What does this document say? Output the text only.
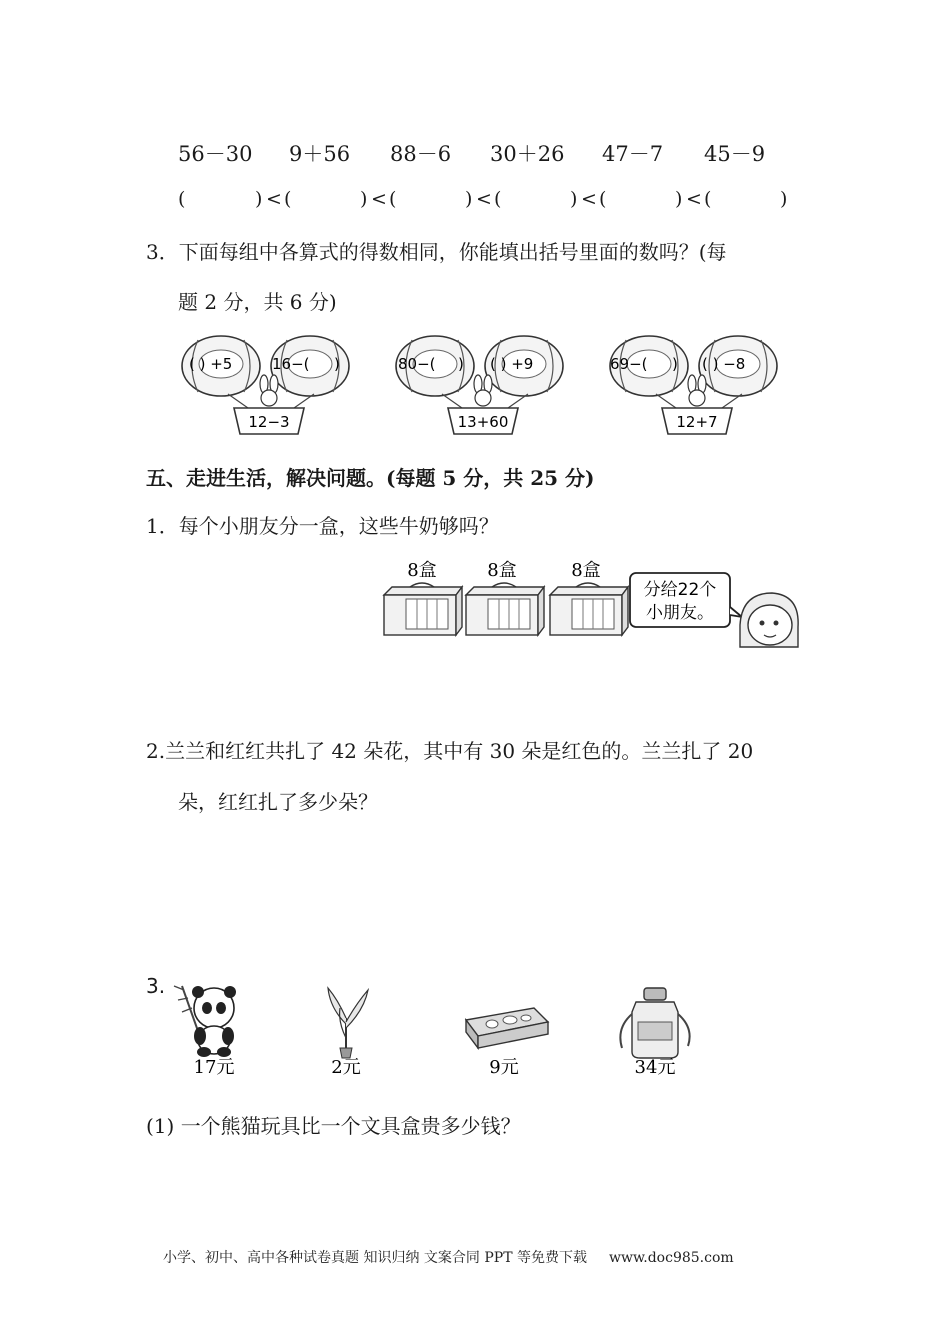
56－30 9＋56 88－6 30＋26 47－7 45－9
(	) < (	) < (	) < (	) < (	) < (	)
3．下面每组中各算式的得数相同，你能填出括号里面的数吗？(每
题 2 分，共 6 分)
( ) +5	16−( )
12−3
80−( ) ( ) +9
13+60
69−( ) ( ) −8
12+7
五、走进生活，解决问题。(每题 5 分，共 25 分)
1．每个小朋友分一盒，这些牛奶够吗？
8盒	8盒	8盒
分给22个
小朋友。
2.兰兰和红红共扎了 42 朵花，其中有 30 朵是红色的。兰兰扎了 20
朵，红红扎了多少朵？
3.
17元	2元	9元	34元
(1) 一个熊猫玩具比一个文具盒贵多少钱？
小学、初中、高中各种试卷真题 知识归纳 文案合同 PPT 等免费下载 www.doc985.com
